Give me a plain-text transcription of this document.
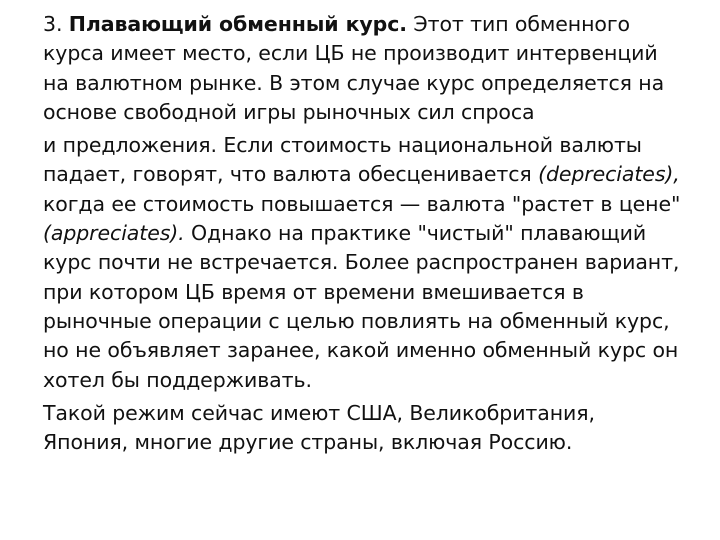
3. Плавающий обменный курс. Этот тип обменного курса имеет место, если ЦБ не производит интервенций на валютном рынке. В этом случае курс определяется на основе свободной игры рыночных сил спроса

и предложения. Если стоимость национальной валюты падает, говорят, что валюта обесценивается (depreciates), когда ее стоимость повышается — валюта "растет в цене" (appreciates). Однако на практике "чистый" плавающий курс почти не встречается. Более распространен вариант, при котором ЦБ время от времени вмешивается в рыночные операции с целью повлиять на обменный курс, но не объявляет заранее, какой именно обменный курс он хотел бы поддерживать.

Такой режим сейчас имеют США, Великобритания, Япония, многие другие страны, включая Россию.
